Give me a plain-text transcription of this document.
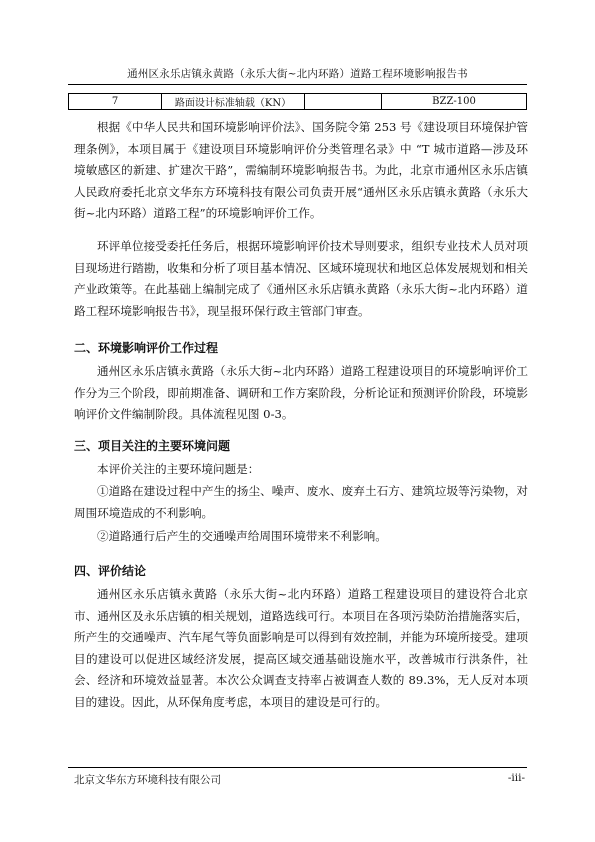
通州区永乐店镇永黄路（永乐大街~北内环路）道路工程环境影响报告书
7	路面设计标准轴载（KN）		BZZ-100

根据《中华人民共和国环境影响评价法》、国务院令第 253 号《建设项目环境保护管理条例》，本项目属于《建设项目环境影响评价分类管理名录》中 “T 城市道路—涉及环境敏感区的新建、扩建次干路”，需编制环境影响报告书。为此，北京市通州区永乐店镇人民政府委托北京文华东方环境科技有限公司负责开展“通州区永乐店镇永黄路（永乐大街~北内环路）道路工程”的环境影响评价工作。

环评单位接受委托任务后，根据环境影响评价技术导则要求，组织专业技术人员对项目现场进行踏勘，收集和分析了项目基本情况、区域环境现状和地区总体发展规划和相关产业政策等。在此基础上编制完成了《通州区永乐店镇永黄路（永乐大街~北内环路）道路工程环境影响报告书》，现呈报环保行政主管部门审查。

二、环境影响评价工作过程

通州区永乐店镇永黄路（永乐大街~北内环路）道路工程建设项目的环境影响评价工作分为三个阶段，即前期准备、调研和工作方案阶段，分析论证和预测评价阶段，环境影响评价文件编制阶段。具体流程见图 0-3。

三、项目关注的主要环境问题

本评价关注的主要环境问题是：

①道路在建设过程中产生的扬尘、噪声、废水、废弃土石方、建筑垃圾等污染物，对周围环境造成的不利影响。

②道路通行后产生的交通噪声给周围环境带来不利影响。

四、评价结论

通州区永乐店镇永黄路（永乐大街~北内环路）道路工程建设项目的建设符合北京市、通州区及永乐店镇的相关规划，道路选线可行。本项目在各项污染防治措施落实后，所产生的交通噪声、汽车尾气等负面影响是可以得到有效控制，并能为环境所接受。建项目的建设可以促进区域经济发展，提高区域交通基础设施水平，改善城市行洪条件，社会、经济和环境效益显著。本次公众调查支持率占被调查人数的 89.3%，无人反对本项目的建设。因此，从环保角度考虑，本项目的建设是可行的。

北京文华东方环境科技有限公司	-iii-
